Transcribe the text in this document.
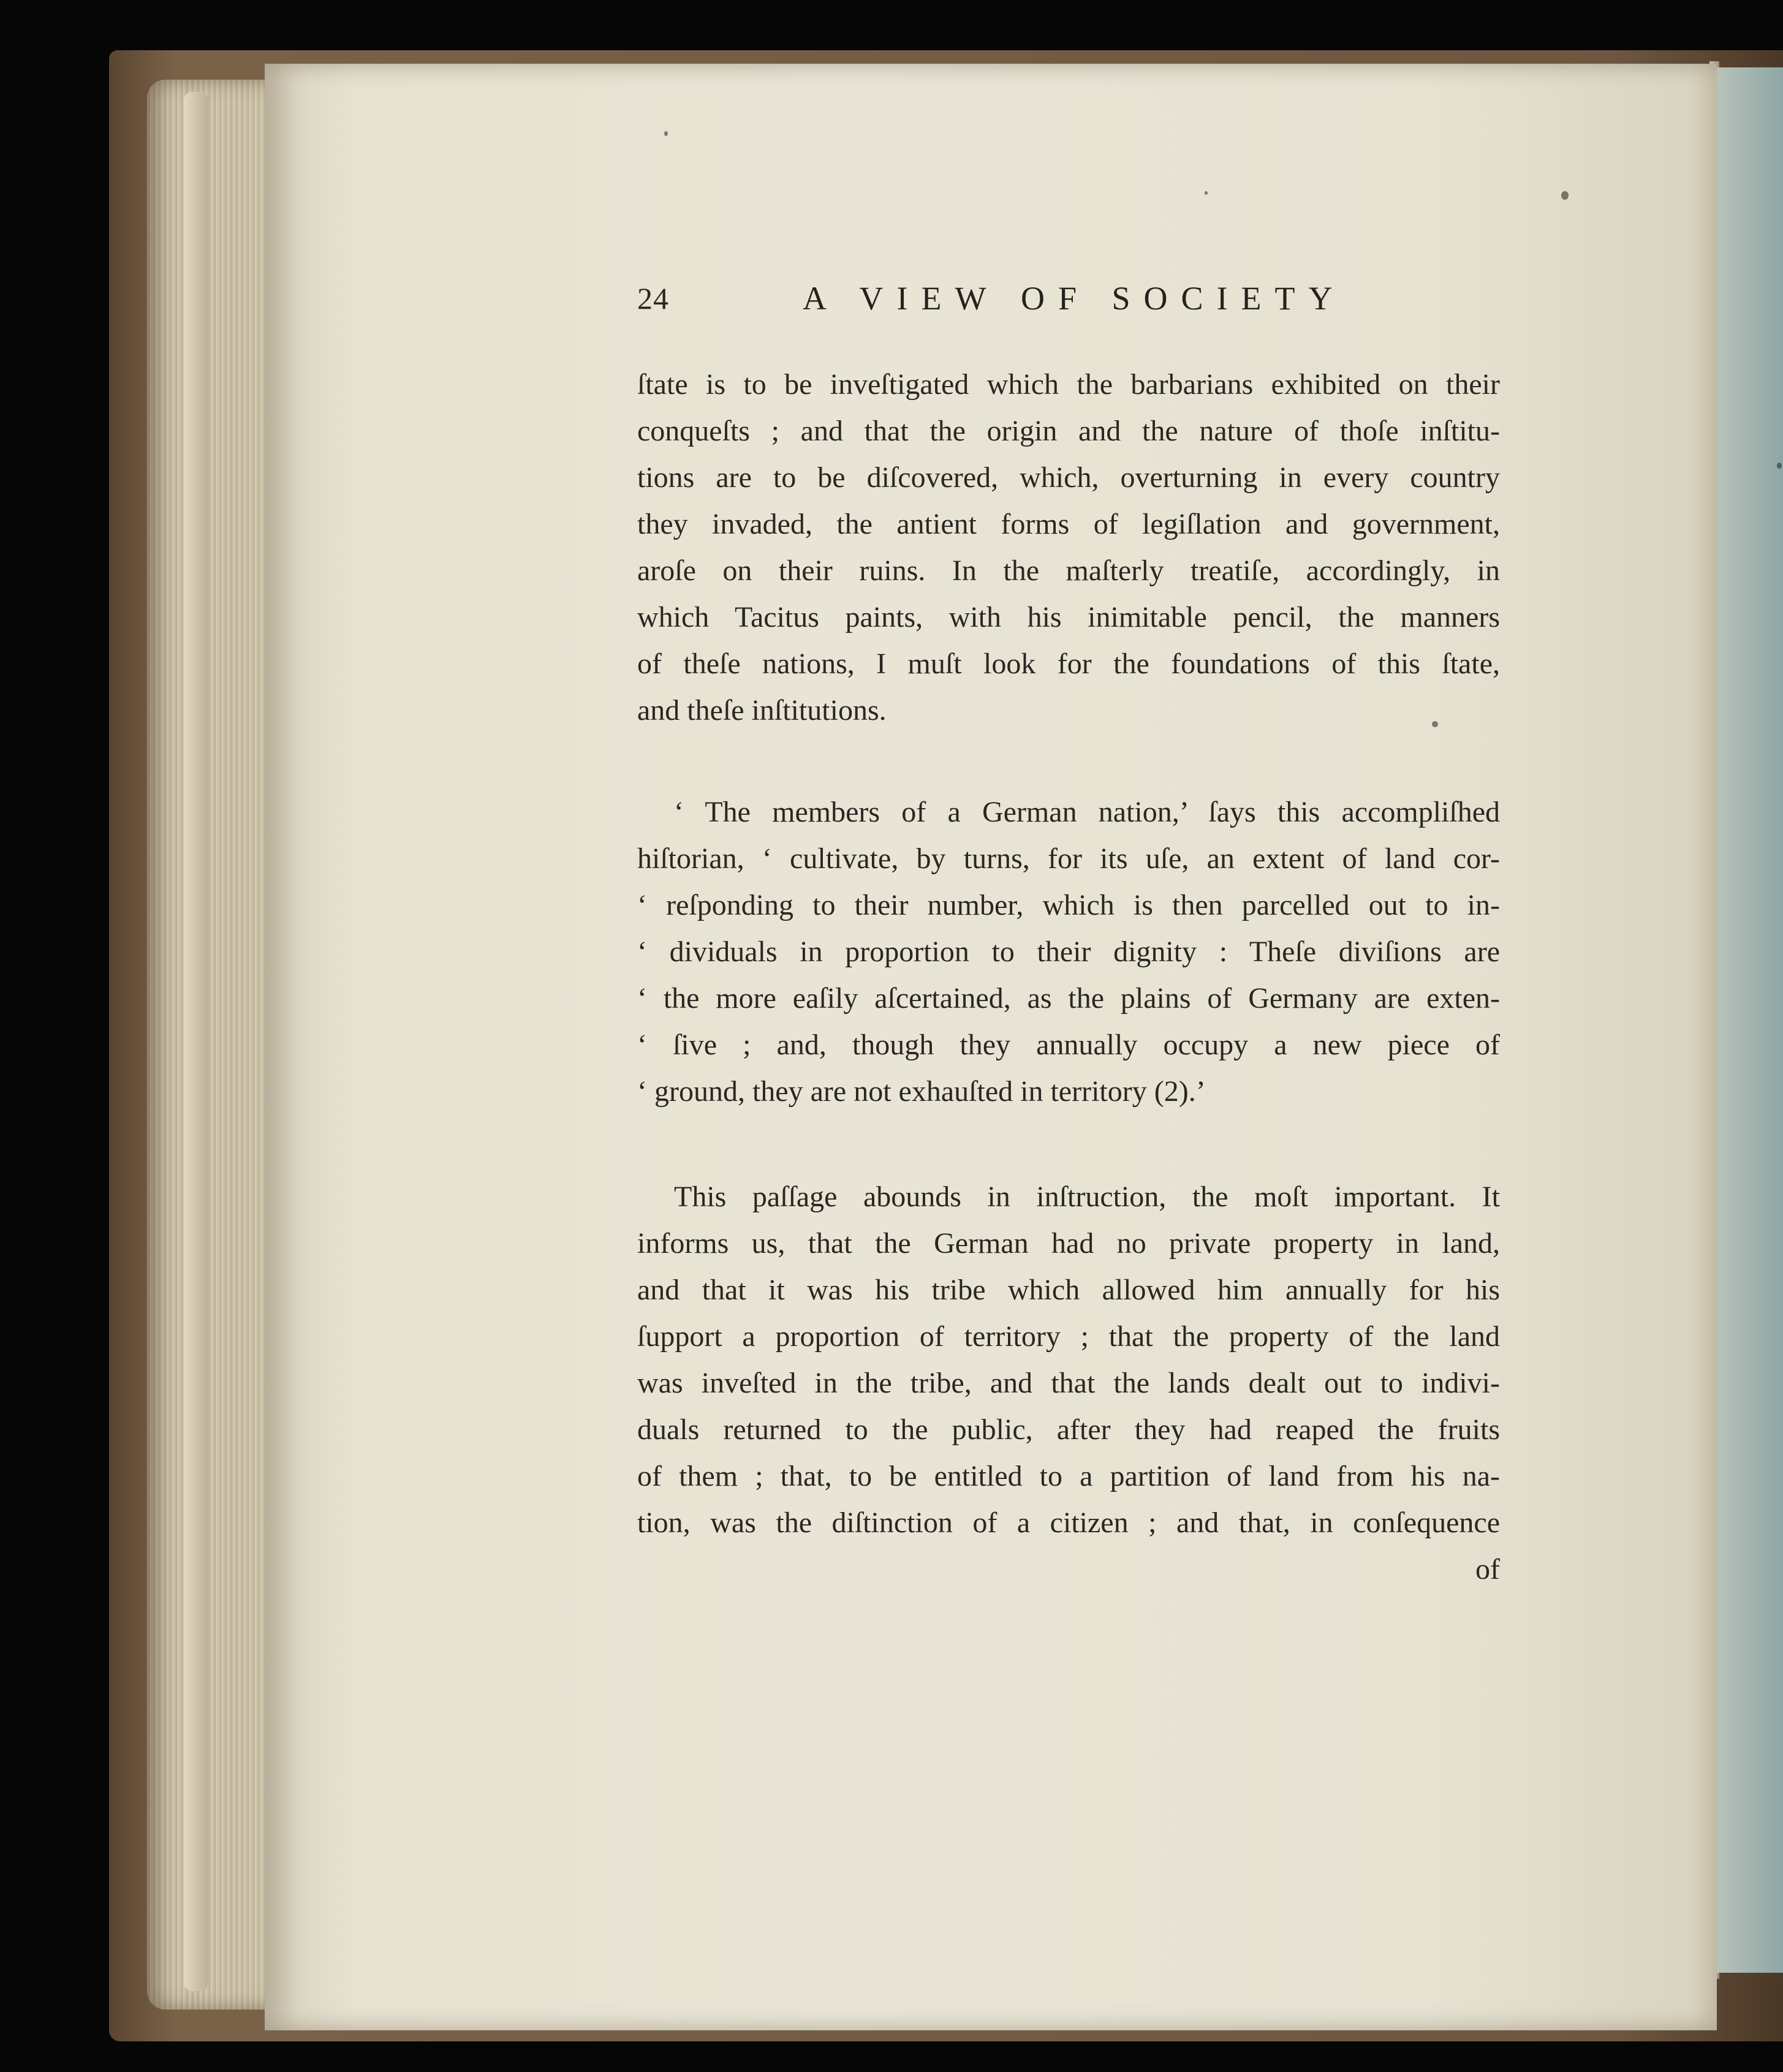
24	A VIEW OF SOCIETY
ſtate is to be inveſtigated which the barbarians exhibited on their
conqueſts ; and that the origin and the nature of thoſe inſtitu-
tions are to be diſcovered, which, overturning in every country
they invaded, the antient forms of legiſlation and government,
aroſe on their ruins. In the maſterly treatiſe, accordingly, in
which Tacitus paints, with his inimitable pencil, the manners
of theſe nations, I muſt look for the foundations of this ſtate,
and theſe inſtitutions.
‘ The members of a German nation,’ ſays this accompliſhed
hiſtorian, ‘ cultivate, by turns, for its uſe, an extent of land cor-
‘ reſponding to their number, which is then parcelled out to in-
‘ dividuals in proportion to their dignity : Theſe diviſions are
‘ the more eaſily aſcertained, as the plains of Germany are exten-
‘ ſive ; and, though they annually occupy a new piece of
‘ ground, they are not exhauſted in territory (2).’
This paſſage abounds in inſtruction, the moſt important. It
informs us, that the German had no private property in land,
and that it was his tribe which allowed him annually for his
ſupport a proportion of territory ; that the property of the land
was inveſted in the tribe, and that the lands dealt out to indivi-
duals returned to the public, after they had reaped the fruits
of them ; that, to be entitled to a partition of land from his na-
tion, was the diſtinction of a citizen ; and that, in conſequence
of
